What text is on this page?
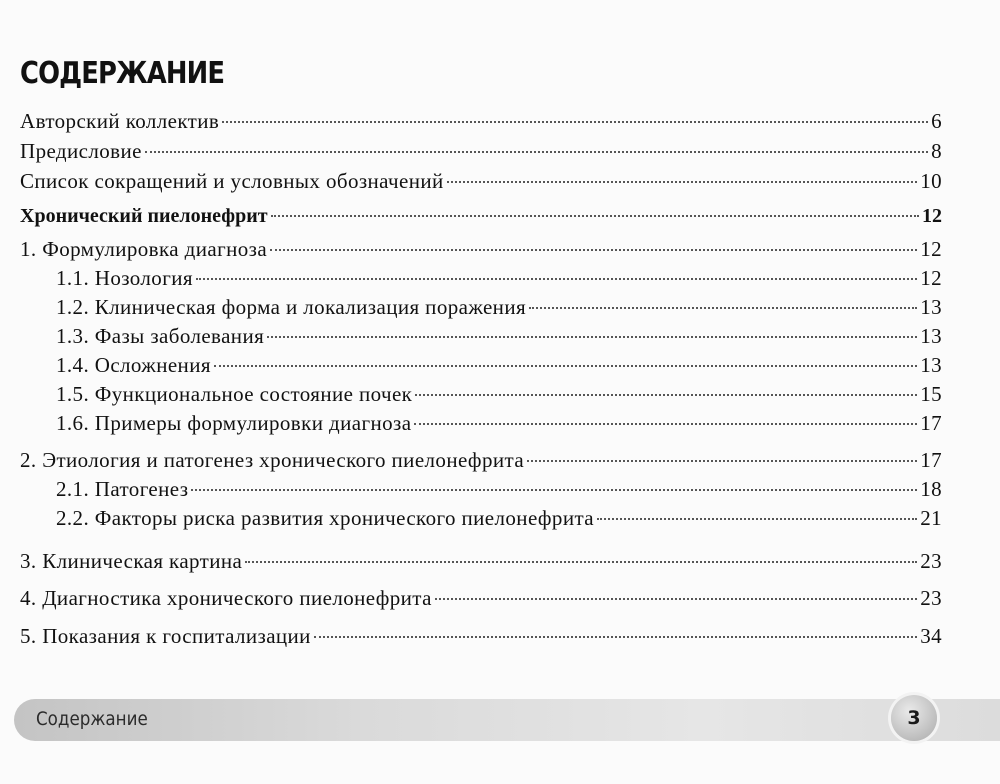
СОДЕРЖАНИЕ
Авторский коллектив	6
Предисловие	8
Список сокращений и условных обозначений	10
Хронический пиелонефрит	12
1. Формулировка диагноза	12
1.1. Нозология	12
1.2. Клиническая форма и локализация поражения	13
1.3. Фазы заболевания	13
1.4. Осложнения	13
1.5. Функциональное состояние почек	15
1.6. Примеры формулировки диагноза	17
2. Этиология и патогенез хронического пиелонефрита	17
2.1. Патогенез	18
2.2. Факторы риска развития хронического пиелонефрита	21
3. Клиническая картина	23
4. Диагностика хронического пиелонефрита	23
5. Показания к госпитализации	34
Содержание	3
